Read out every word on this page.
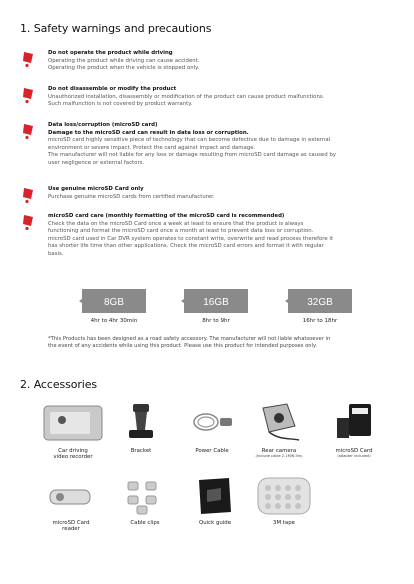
1. Safety warnings and precautions
Do not operate the product while driving
Operating the product while driving can cause accident.
Operating the product when the vehicle is stopped only.
Do not disassemble or modify the product
Unauthorized installation, disassembly or modification of the product can cause product malfunctions.
Such malfunction is not covered by product warranty.
Data loss/corruption (microSD card)
Damage to the microSD card can result in data loss or corruption.
microSD card highly sensitive piece of technology that can become defective due to damage in external
environment or severe impact. Protect the card against impact and damage.
The manufacturer will not liable for any loss or damage resulting from microSD card damage as caused by
user negligence or external factors.
Use genuine microSD Card only
Purchase genuine microSD cards from certified manufacturer.
microSD card care (monthly formatting of the microSD card is recommended)
Check the data on the microSD Card once a week at least to ensure that the product is always
functioning and format the microSD card once a month at least to prevent data loss or corruption.
microSD card used in Car DVR system operates to constant write, overwrite and read process therefore it
has shorter life time than other applications. Check the microSD card errors and format it with regular
basis.
8GB
4hr to 4hr 30min
16GB
8hr to 9hr
32GB
16hr to 18hr
*This Products has been designed as a road safety accessory. The manufacturer will not liable whatsoever in
the event of any accidents while using this product. Please use this product for intended purposes only.
2. Accessories
Car driving
video recorder
Bracket	Power Cable	Rear camera
(include cable 2.1M/6.5m)
microSD Card
(adapter included)
microSD Card
reader
Cable clips	Quick guide	3M tape
